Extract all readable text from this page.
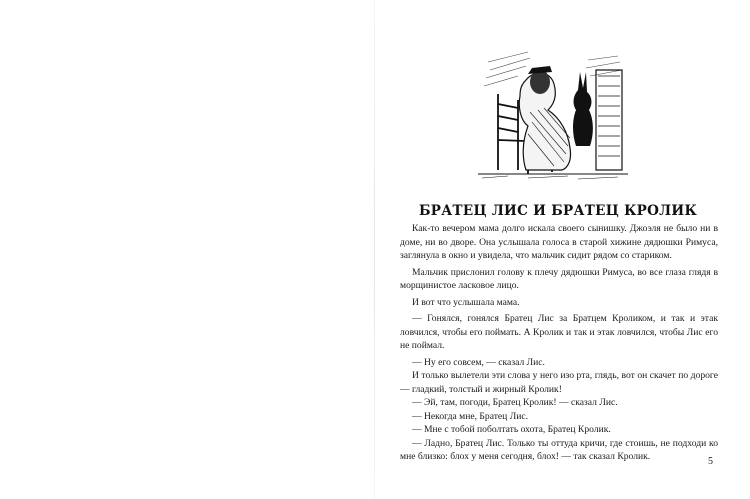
БРАТЕЦ ЛИС И БРАТЕЦ КРОЛИК

Как-то вечером мама долго искала своего сынишку. Джоэля не было ни в доме, ни во дворе. Она услышала голоса в старой хижине дядюшки Римуса, заглянула в окно и увидела, что мальчик сидит рядом со стариком.

Мальчик прислонил голову к плечу дядюшки Римуса, во все глаза глядя в морщинистое ласковое лицо.

И вот что услышала мама.

— Гонялся, гонялся Братец Лис за Братцем Кроликом, и так и этак ловчился, чтобы его поймать. А Кролик и так и этак ловчился, чтобы Лис его не поймал.

— Ну его совсем, — сказал Лис.

И только вылетели эти слова у него изо рта, глядь, вот он скачет по дороге — гладкий, толстый и жирный Кролик!

— Эй, там, погоди, Братец Кролик! — сказал Лис.

— Некогда мне, Братец Лис.

— Мне с тобой поболтать охота, Братец Кролик.

— Ладно, Братец Лис. Только ты оттуда кричи, где стоишь, не подходи ко мне близко: блох у меня сегодня, блох! — так сказал Кролик.	5
